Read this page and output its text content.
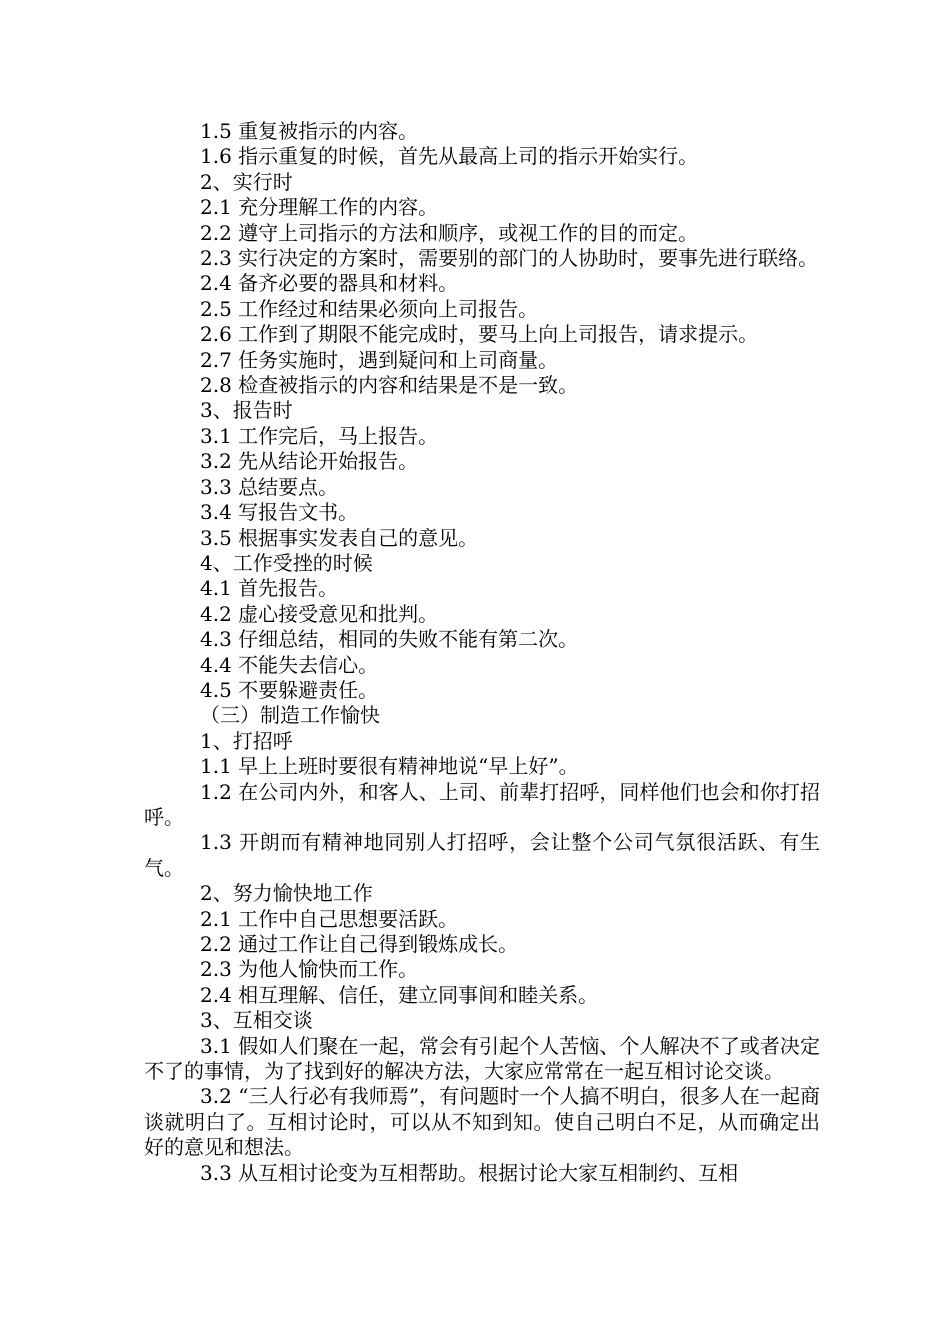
1.5 重复被指示的内容。

1.6 指示重复的时候，首先从最高上司的指示开始实行。

2、实行时

2.1 充分理解工作的内容。

2.2 遵守上司指示的方法和顺序，或视工作的目的而定。

2.3 实行决定的方案时，需要别的部门的人协助时，要事先进行联络。

2.4 备齐必要的器具和材料。

2.5 工作经过和结果必须向上司报告。

2.6 工作到了期限不能完成时，要马上向上司报告，请求提示。

2.7 任务实施时，遇到疑问和上司商量。

2.8 检查被指示的内容和结果是不是一致。

3、报告时

3.1 工作完后，马上报告。

3.2 先从结论开始报告。

3.3 总结要点。

3.4 写报告文书。

3.5 根据事实发表自己的意见。

4、工作受挫的时候

4.1 首先报告。

4.2 虚心接受意见和批判。

4.3 仔细总结，相同的失败不能有第二次。

4.4 不能失去信心。

4.5 不要躲避责任。

（三）制造工作愉快

1、打招呼

1.1 早上上班时要很有精神地说“早上好”。

1.2 在公司内外，和客人、上司、前辈打招呼，同样他们也会和你打招呼。

1.3 开朗而有精神地同别人打招呼，会让整个公司气氛很活跃、有生气。

2、努力愉快地工作

2.1 工作中自己思想要活跃。

2.2 通过工作让自己得到锻炼成长。

2.3 为他人愉快而工作。

2.4 相互理解、信任，建立同事间和睦关系。

3、互相交谈

3.1 假如人们聚在一起，常会有引起个人苦恼、个人解决不了或者决定不了的事情，为了找到好的解决方法，大家应常常在一起互相讨论交谈。

3.2 “三人行必有我师焉”，有问题时一个人搞不明白，很多人在一起商谈就明白了。互相讨论时，可以从不知到知。使自己明白不足，从而确定出好的意见和想法。

3.3 从互相讨论变为互相帮助。根据讨论大家互相制约、互相
